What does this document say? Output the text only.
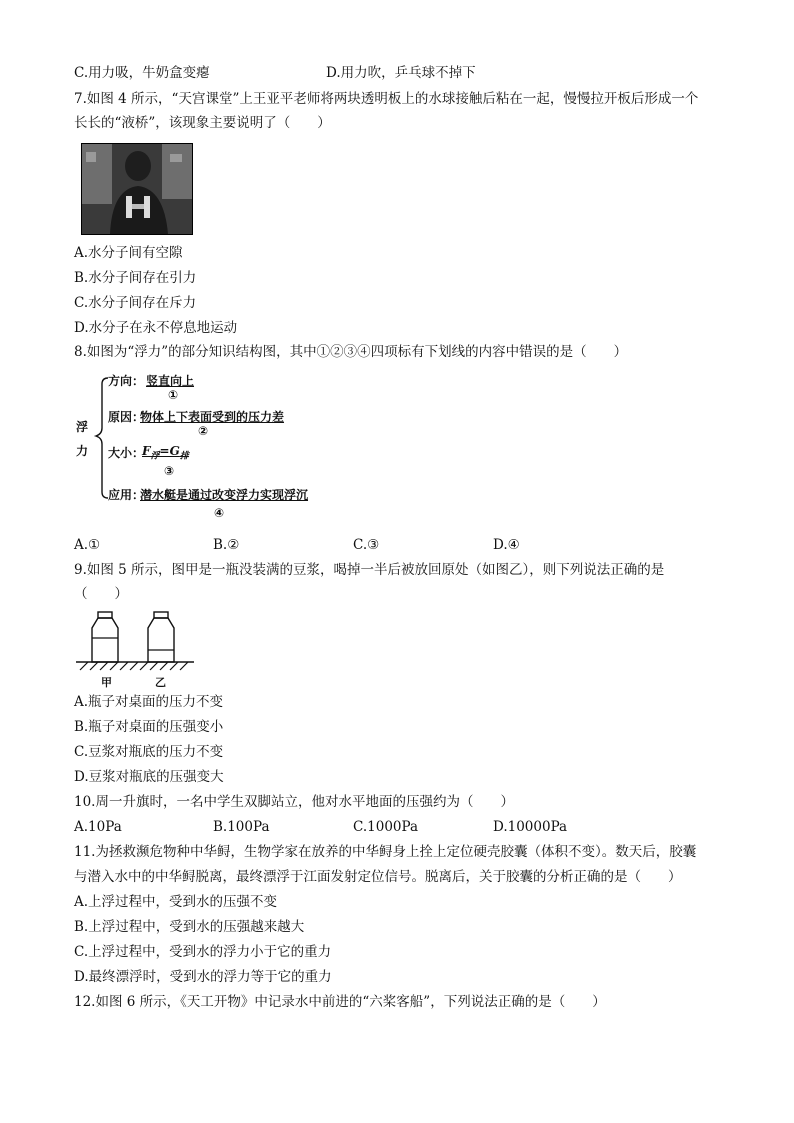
C.用力吸，牛奶盒变瘪	D.用力吹，乒乓球不掉下
7.如图 4 所示，“天宫课堂”上王亚平老师将两块透明板上的水球接触后粘在一起，慢慢拉开板后形成一个
长长的“液桥”，该现象主要说明了（　　）
A.水分子间有空隙
B.水分子间存在引力
C.水分子间存在斥力
D.水分子在永不停息地运动
8.如图为“浮力”的部分知识结构图，其中①②③④四项标有下划线的内容中错误的是（　　）
浮
力
方向： 竖直向上
①
原因：
物体上下表面受到的压力差
②
大小：
$F_浮=G_排$
③
应用：
潜水艇是通过改变浮力实现浮沉
④
A.①	B.②	C.③	D.④
9.如图 5 所示，图甲是一瓶没装满的豆浆，喝掉一半后被放回原处（如图乙），则下列说法正确的是
（　　）
甲	乙
A.瓶子对桌面的压力不变
B.瓶子对桌面的压强变小
C.豆浆对瓶底的压力不变
D.豆浆对瓶底的压强变大
10.周一升旗时，一名中学生双脚站立，他对水平地面的压强约为（　　）
A.10Pa	B.100Pa	C.1000Pa	D.10000Pa
11.为拯救濒危物种中华鲟，生物学家在放养的中华鲟身上拴上定位硬壳胶囊（体积不变）。数天后，胶囊
与潜入水中的中华鲟脱离，最终漂浮于江面发射定位信号。脱离后，关于胶囊的分析正确的是（　　）
A.上浮过程中，受到水的压强不变
B.上浮过程中，受到水的压强越来越大
C.上浮过程中，受到水的浮力小于它的重力
D.最终漂浮时，受到水的浮力等于它的重力
12.如图 6 所示，《天工开物》中记录水中前进的“六桨客船”，下列说法正确的是（　　）
